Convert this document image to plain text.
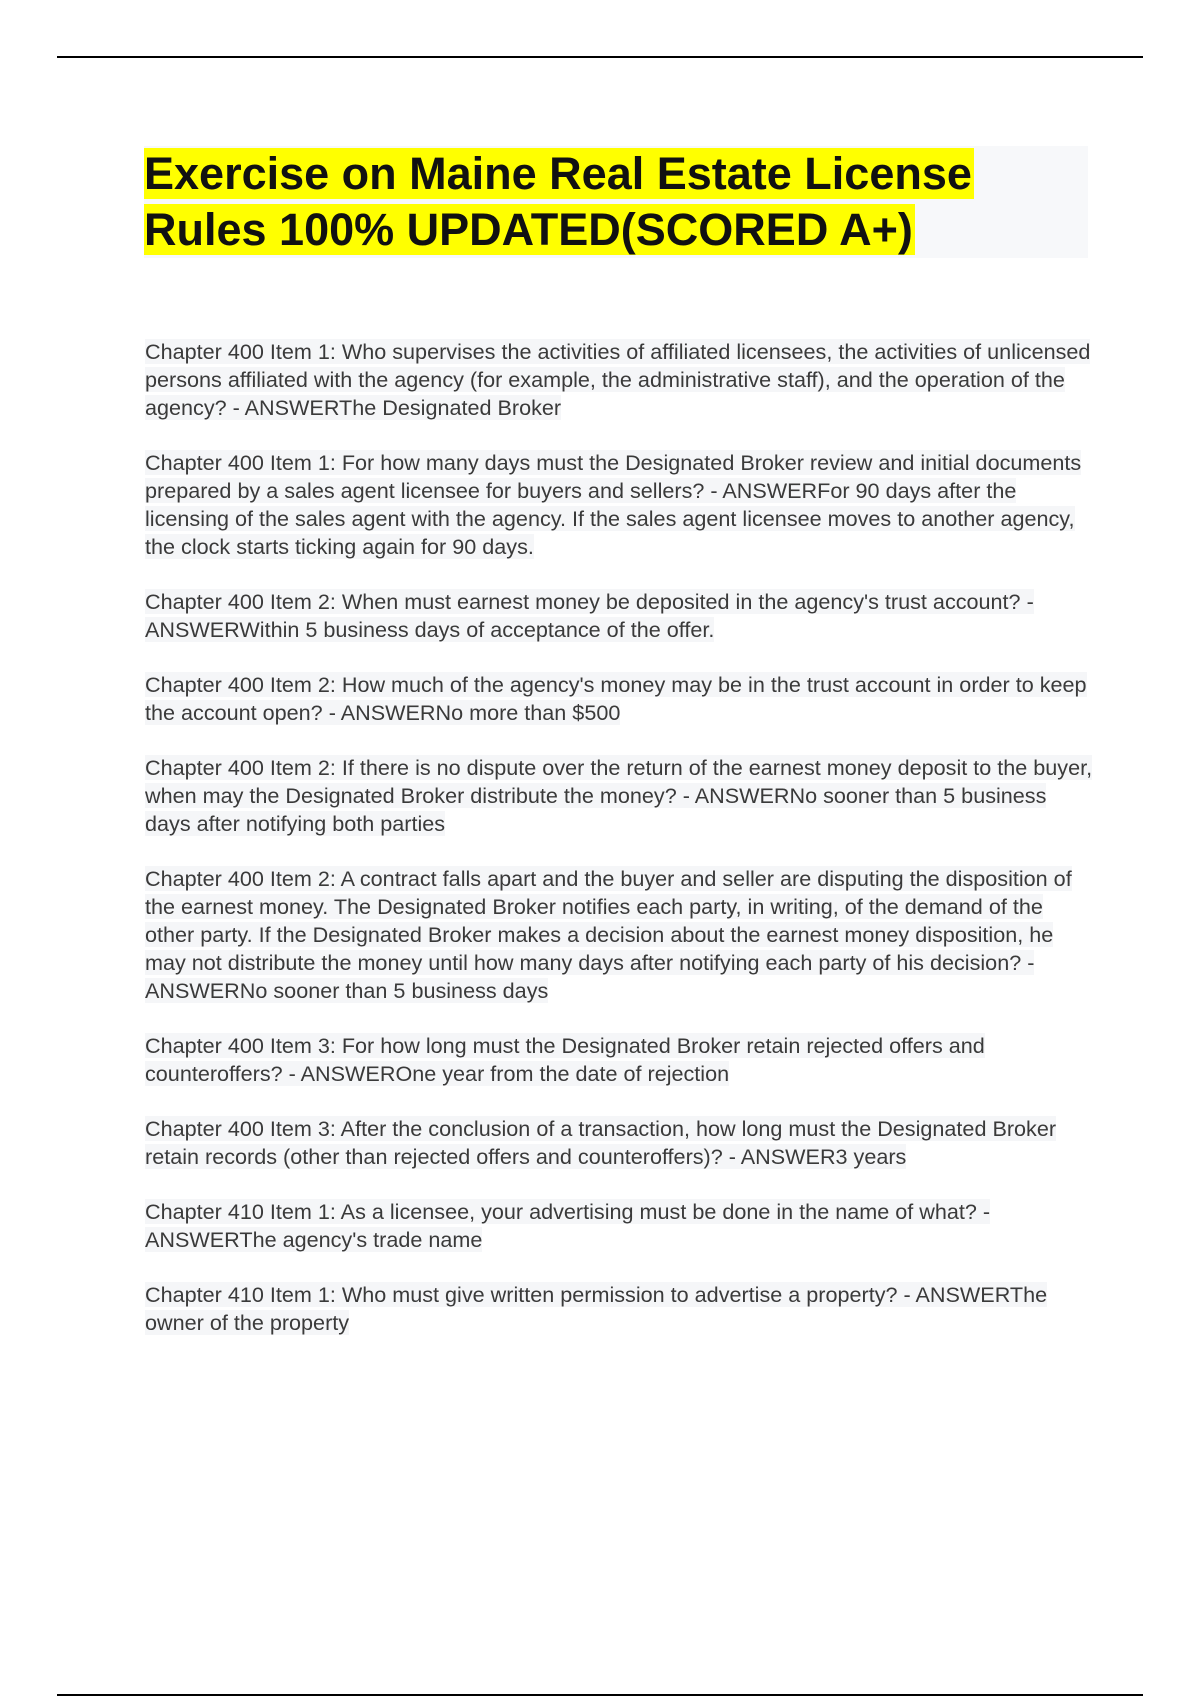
Exercise on Maine Real Estate License Rules 100% UPDATED(SCORED A+)

Chapter 400 Item 1: Who supervises the activities of affiliated licensees, the activities of unlicensed persons affiliated with the agency (for example, the administrative staff), and the operation of the agency? - ANSWERThe Designated Broker

Chapter 400 Item 1: For how many days must the Designated Broker review and initial documents prepared by a sales agent licensee for buyers and sellers? - ANSWERFor 90 days after the licensing of the sales agent with the agency. If the sales agent licensee moves to another agency, the clock starts ticking again for 90 days.

Chapter 400 Item 2: When must earnest money be deposited in the agency's trust account? - ANSWERWithin 5 business days of acceptance of the offer.

Chapter 400 Item 2: How much of the agency's money may be in the trust account in order to keep the account open? - ANSWERNo more than $500

Chapter 400 Item 2: If there is no dispute over the return of the earnest money deposit to the buyer, when may the Designated Broker distribute the money? - ANSWERNo sooner than 5 business days after notifying both parties

Chapter 400 Item 2: A contract falls apart and the buyer and seller are disputing the disposition of the earnest money. The Designated Broker notifies each party, in writing, of the demand of the other party. If the Designated Broker makes a decision about the earnest money disposition, he may not distribute the money until how many days after notifying each party of his decision? - ANSWERNo sooner than 5 business days

Chapter 400 Item 3: For how long must the Designated Broker retain rejected offers and counteroffers? - ANSWEROne year from the date of rejection

Chapter 400 Item 3: After the conclusion of a transaction, how long must the Designated Broker retain records (other than rejected offers and counteroffers)? - ANSWER3 years

Chapter 410 Item 1: As a licensee, your advertising must be done in the name of what? - ANSWERThe agency's trade name

Chapter 410 Item 1: Who must give written permission to advertise a property? - ANSWERThe owner of the property
